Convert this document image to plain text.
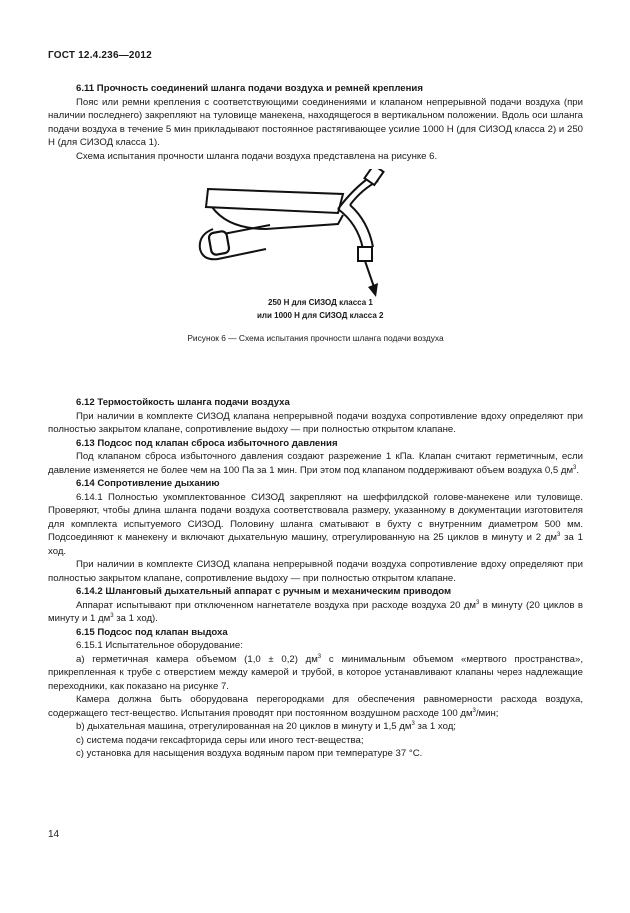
ГОСТ 12.4.236—2012
6.11 Прочность соединений шланга подачи воздуха и ремней крепления

Пояс или ремни крепления с соответствующими соединениями и клапаном непрерывной подачи воздуха (при наличии последнего) закрепляют на туловище манекена, находящегося в вертикальном положении. Вдоль оси шланга подачи воздуха в течение 5 мин прикладывают постоянное растягивающее усилие 1000 Н (для СИЗОД класса 2) и 250 Н (для СИЗОД класса 1).

Схема испытания прочности шланга подачи воздуха представлена на рисунке 6.

250 Н для СИЗОД класса 1
или 1000 Н для СИЗОД класса 2
Рисунок 6 — Схема испытания прочности шланга подачи воздуха
6.12 Термостойкость шланга подачи воздуха

При наличии в комплекте СИЗОД клапана непрерывной подачи воздуха сопротивление вдоху определяют при полностью закрытом клапане, сопротивление выдоху — при полностью открытом клапане.

6.13 Подсос под клапан сброса избыточного давления

Под клапаном сброса избыточного давления создают разрежение 1 кПа. Клапан считают герметичным, если давление изменяется не более чем на 100 Па за 1 мин. При этом под клапаном поддерживают объем воздуха 0,5 $дм^3$.

6.14 Сопротивление дыханию

6.14.1 Полностью укомплектованное СИЗОД закрепляют на шеффилдской голове-манекене или туловище. Проверяют, чтобы длина шланга подачи воздуха соответствовала размеру, указанному в документации изготовителя для комплекта испытуемого СИЗОД. Половину шланга сматывают в бухту с внутренним диаметром 500 мм. Подсоединяют к манекену и включают дыхательную машину, отрегулированную на 25 циклов в минуту и 2 $дм^3$ за 1 ход.

При наличии в комплекте СИЗОД клапана непрерывной подачи воздуха сопротивление вдоху определяют при полностью закрытом клапане, сопротивление выдоху — при полностью открытом клапане.

6.14.2 Шланговый дыхательный аппарат с ручным и механическим приводом

Аппарат испытывают при отключенном нагнетателе воздуха при расходе воздуха 20 $дм^3$ в минуту (20 циклов в минуту и 1 $дм^3$ за 1 ход).

6.15 Подсос под клапан выдоха

6.15.1 Испытательное оборудование:

а) герметичная камера объемом (1,0 ± 0,2) $дм^3$ с минимальным объемом «мертвого пространства», прикрепленная к трубе с отверстием между камерой и трубой, в которое устанавливают клапаны через надлежащие переходники, как показано на рисунке 7.

Камера должна быть оборудована перегородками для обеспечения равномерности расхода воздуха, содержащего тест-вещество. Испытания проводят при постоянном воздушном расходе 100 $дм^3$/мин;

b) дыхательная машина, отрегулированная на 20 циклов в минуту и 1,5 $дм^3$ за 1 ход;

c) система подачи гексафторида серы или иного тест-вещества;

с) установка для насыщения воздуха водяным паром при температуре 37 °С.

14
